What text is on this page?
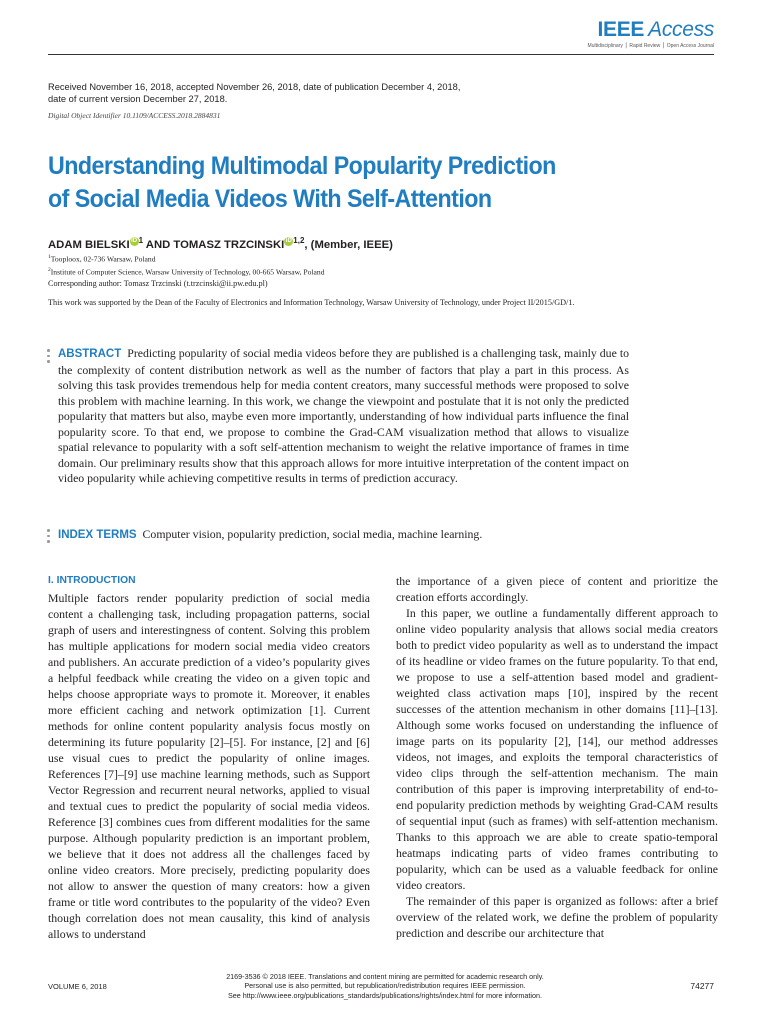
IEEE Access
Multidisciplinary ⎪ Rapid Review ⎪ Open Access Journal
Received November 16, 2018, accepted November 26, 2018, date of publication December 4, 2018,
date of current version December 27, 2018.
Digital Object Identifier 10.1109/ACCESS.2018.2884831
Understanding Multimodal Popularity Prediction
of Social Media Videos With Self-Attention
ADAM BIELSKI iD $^1$ AND TOMASZ TRZCINSKI iD $^{1,2}$, (Member, IEEE)
$^1$Tooploox, 02-736 Warsaw, Poland
$^2$Institute of Computer Science, Warsaw University of Technology, 00-665 Warsaw, Poland
Corresponding author: Tomasz Trzcinski (t.trzcinski@ii.pw.edu.pl)
This work was supported by the Dean of the Faculty of Electronics and Information Technology, Warsaw University of Technology, under Project II/2015/GD/1.
ABSTRACT Predicting popularity of social media videos before they are published is a challenging task, mainly due to the complexity of content distribution network as well as the number of factors that play a part in this process. As solving this task provides tremendous help for media content creators, many successful methods were proposed to solve this problem with machine learning. In this work, we change the viewpoint and postulate that it is not only the predicted popularity that matters but also, maybe even more importantly, understanding of how individual parts influence the final popularity score. To that end, we propose to combine the Grad-CAM visualization method that allows to visualize spatial relevance to popularity with a soft self-attention mechanism to weight the relative importance of frames in time domain. Our preliminary results show that this approach allows for more intuitive interpretation of the content impact on video popularity while achieving competitive results in terms of prediction accuracy.
INDEX TERMS Computer vision, popularity prediction, social media, machine learning.
I. INTRODUCTION

Multiple factors render popularity prediction of social media content a challenging task, including propagation patterns, social graph of users and interestingness of content. Solving this problem has multiple applications for modern social media video creators and publishers. An accurate prediction of a video’s popularity gives a helpful feedback while creating the video on a given topic and helps choose appropriate ways to promote it. Moreover, it enables more efficient caching and network optimization [1]. Current methods for online content popularity analysis focus mostly on determining its future popularity [2]–[5]. For instance, [2] and [6] use visual cues to predict the popularity of online images. References [7]–[9] use machine learning methods, such as Support Vector Regression and recurrent neural networks, applied to visual and textual cues to predict the popularity of social media videos. Reference [3] combines cues from different modalities for the same purpose. Although popularity prediction is an important problem, we believe that it does not address all the challenges faced by online video creators. More precisely, predicting popularity does not allow to answer the question of many creators: how a given frame or title word contributes to the popularity of the video? Even though correlation does not mean causality, this kind of analysis allows to understand

the importance of a given piece of content and prioritize the creation efforts accordingly.

In this paper, we outline a fundamentally different approach to online video popularity analysis that allows social media creators both to predict video popularity as well as to understand the impact of its headline or video frames on the future popularity. To that end, we propose to use a self-attention based model and gradient-weighted class activation maps [10], inspired by the recent successes of the attention mechanism in other domains [11]–[13]. Although some works focused on understanding the influence of image parts on its popularity [2], [14], our method addresses videos, not images, and exploits the temporal characteristics of video clips through the self-attention mechanism. The main contribution of this paper is improving interpretability of end-to-end popularity prediction methods by weighting Grad-CAM results of sequential input (such as frames) with self-attention mechanism. Thanks to this approach we are able to create spatio-temporal heatmaps indicating parts of video frames contributing to popularity, which can be used as a valuable feedback for online video creators.

The remainder of this paper is organized as follows: after a brief overview of the related work, we define the problem of popularity prediction and describe our architecture that

VOLUME 6, 2018
2169-3536 © 2018 IEEE. Translations and content mining are permitted for academic research only.
Personal use is also permitted, but republication/redistribution requires IEEE permission.
See http://www.ieee.org/publications_standards/publications/rights/index.html for more information.
74277
